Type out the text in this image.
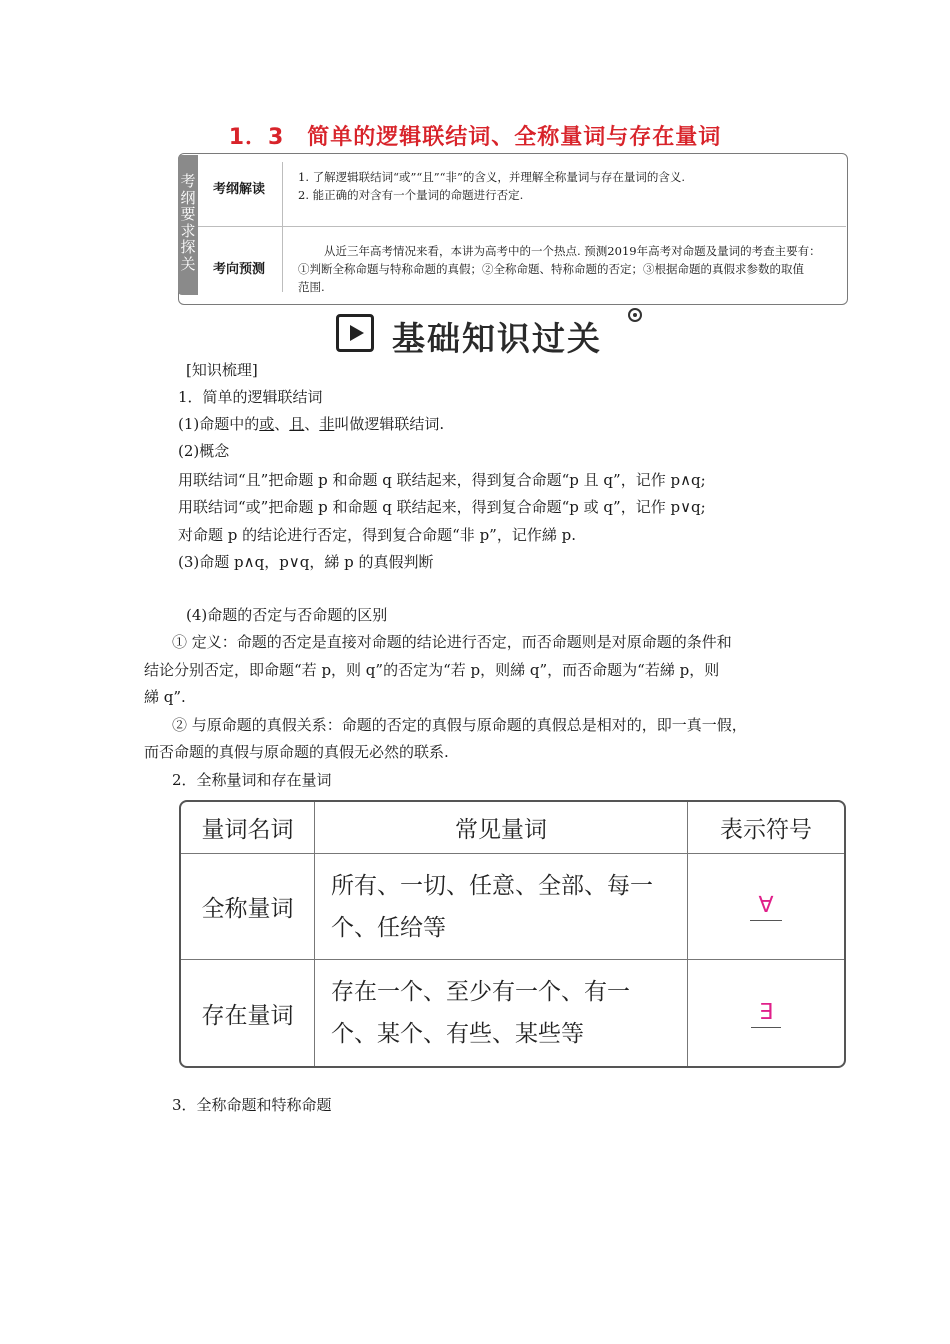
1．3　简单的逻辑联结词、全称量词与存在量词
考
纲
要
求
探
关
考纲解读
1. 了解逻辑联结词“或”“且”“非”的含义，并理解全称量词与存在量词的含义.
2. 能正确的对含有一个量词的命题进行否定.
考向预测
从近三年高考情况来看，本讲为高考中的一个热点. 预测2019年高考对命题及量词的考查主要有：
①判断全称命题与特称命题的真假；②全称命题、特称命题的否定；③根据命题的真假求参数的取值
范围.
基础知识过关
[知识梳理]
1．简单的逻辑联结词
(1)命题中的或、且、非叫做逻辑联结词.
(2)概念
用联结词“且”把命题 p 和命题 q 联结起来，得到复合命题“p 且 q”，记作 p∧q;
用联结词“或”把命题 p 和命题 q 联结起来，得到复合命题“p 或 q”，记作 p∨q;
对命题 p 的结论进行否定，得到复合命题“非 p”，记作綈 p.
(3)命题 p∧q，p∨q，綈 p 的真假判断
(4)命题的否定与否命题的区别
① 定义：命题的否定是直接对命题的结论进行否定，而否命题则是对原命题的条件和
结论分别否定，即命题“若 p，则 q”的否定为“若 p，则綈 q”，而否命题为“若綈 p，则
綈 q”.
② 与原命题的真假关系：命题的否定的真假与原命题的真假总是相对的，即一真一假，
而否命题的真假与原命题的真假无必然的联系.
2．全称量词和存在量词
量词名词	常见量词	表示符号
全称量词	所有、一切、任意、全部、每一
个、任给等	∀
存在量词	存在一个、至少有一个、有一
个、某个、有些、某些等	∃
3．全称命题和特称命题
